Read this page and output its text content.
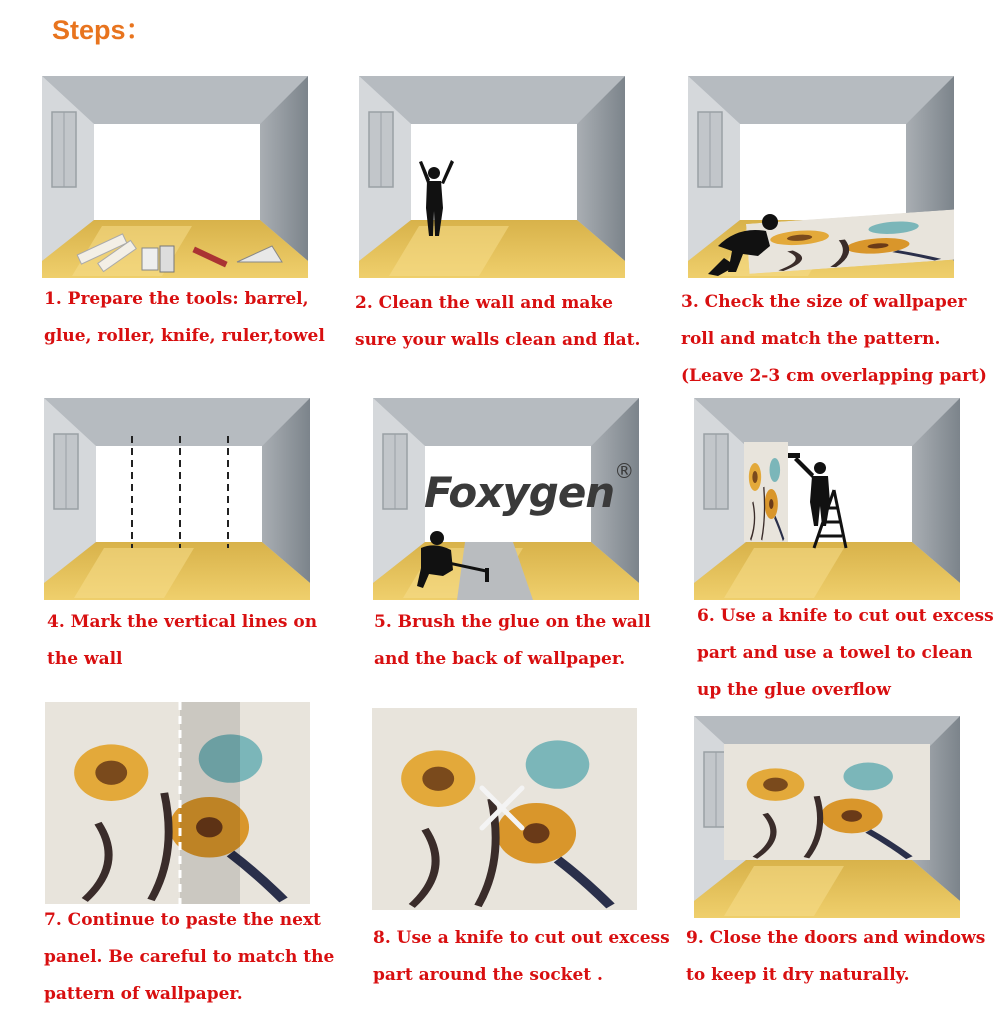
Steps：
Foxygen®
1. Prepare the tools: barrel,
glue, roller, knife, ruler,towel
2. Clean the wall and make
sure your walls clean and flat.
3. Check the size of wallpaper
roll and match the pattern.
(Leave 2-3 cm overlapping part)
4. Mark the vertical lines on
the wall
5. Brush the glue on the wall
and the back of wallpaper.
6. Use a knife to cut out excess
part and use a towel to clean
up the glue overflow
7. Continue to paste the next
panel. Be careful to match the
pattern of wallpaper.
8. Use a knife to cut out excess
part around the socket .
9. Close the doors and windows
to keep it dry naturally.
